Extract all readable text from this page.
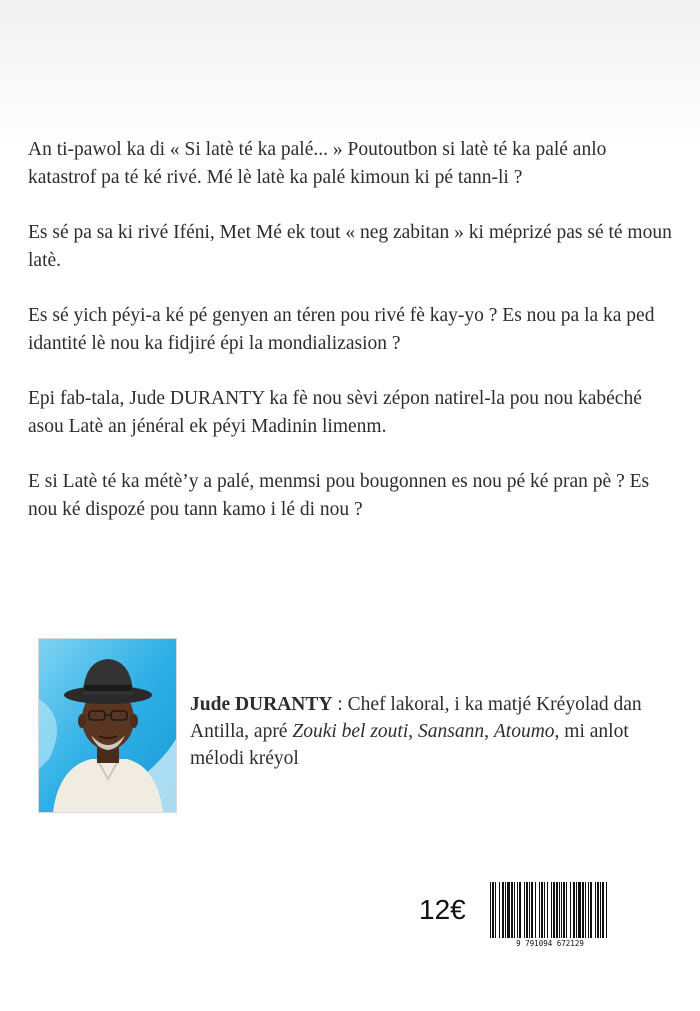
An ti-pawol ka di « Si latè té ka palé... » Poutoutbon si latè té ka palé anlo katastrof pa té ké rivé. Mé lè latè ka palé kimoun ki pé tann-li ?

Es sé pa sa ki rivé Iféni, Met Mé ek tout « neg zabitan » ki méprizé pas sé té moun latè.

Es sé yich péyi-a ké pé genyen an téren pou rivé fè kay-yo ? Es nou pa la ka ped idantité lè nou ka fidjiré épi la mondializasion ?

Epi fab-tala, Jude DURANTY ka fè nou sèvi zépon natirel-la pou nou kabéché asou Latè an jénéral ek péyi Madinin limenm.

E si Latè té ka métè’y a palé, menmsi pou bougonnen es nou pé ké pran pè ? Es nou ké dispozé pou tann kamo i lé di nou ?

Jude DURANTY : Chef lakoral, i ka matjé Kréyolad dan Antilla, apré Zouki bel zouti, Sansann, Atoumo, mi anlot mélodi kréyol
12€
9 791094 672129
